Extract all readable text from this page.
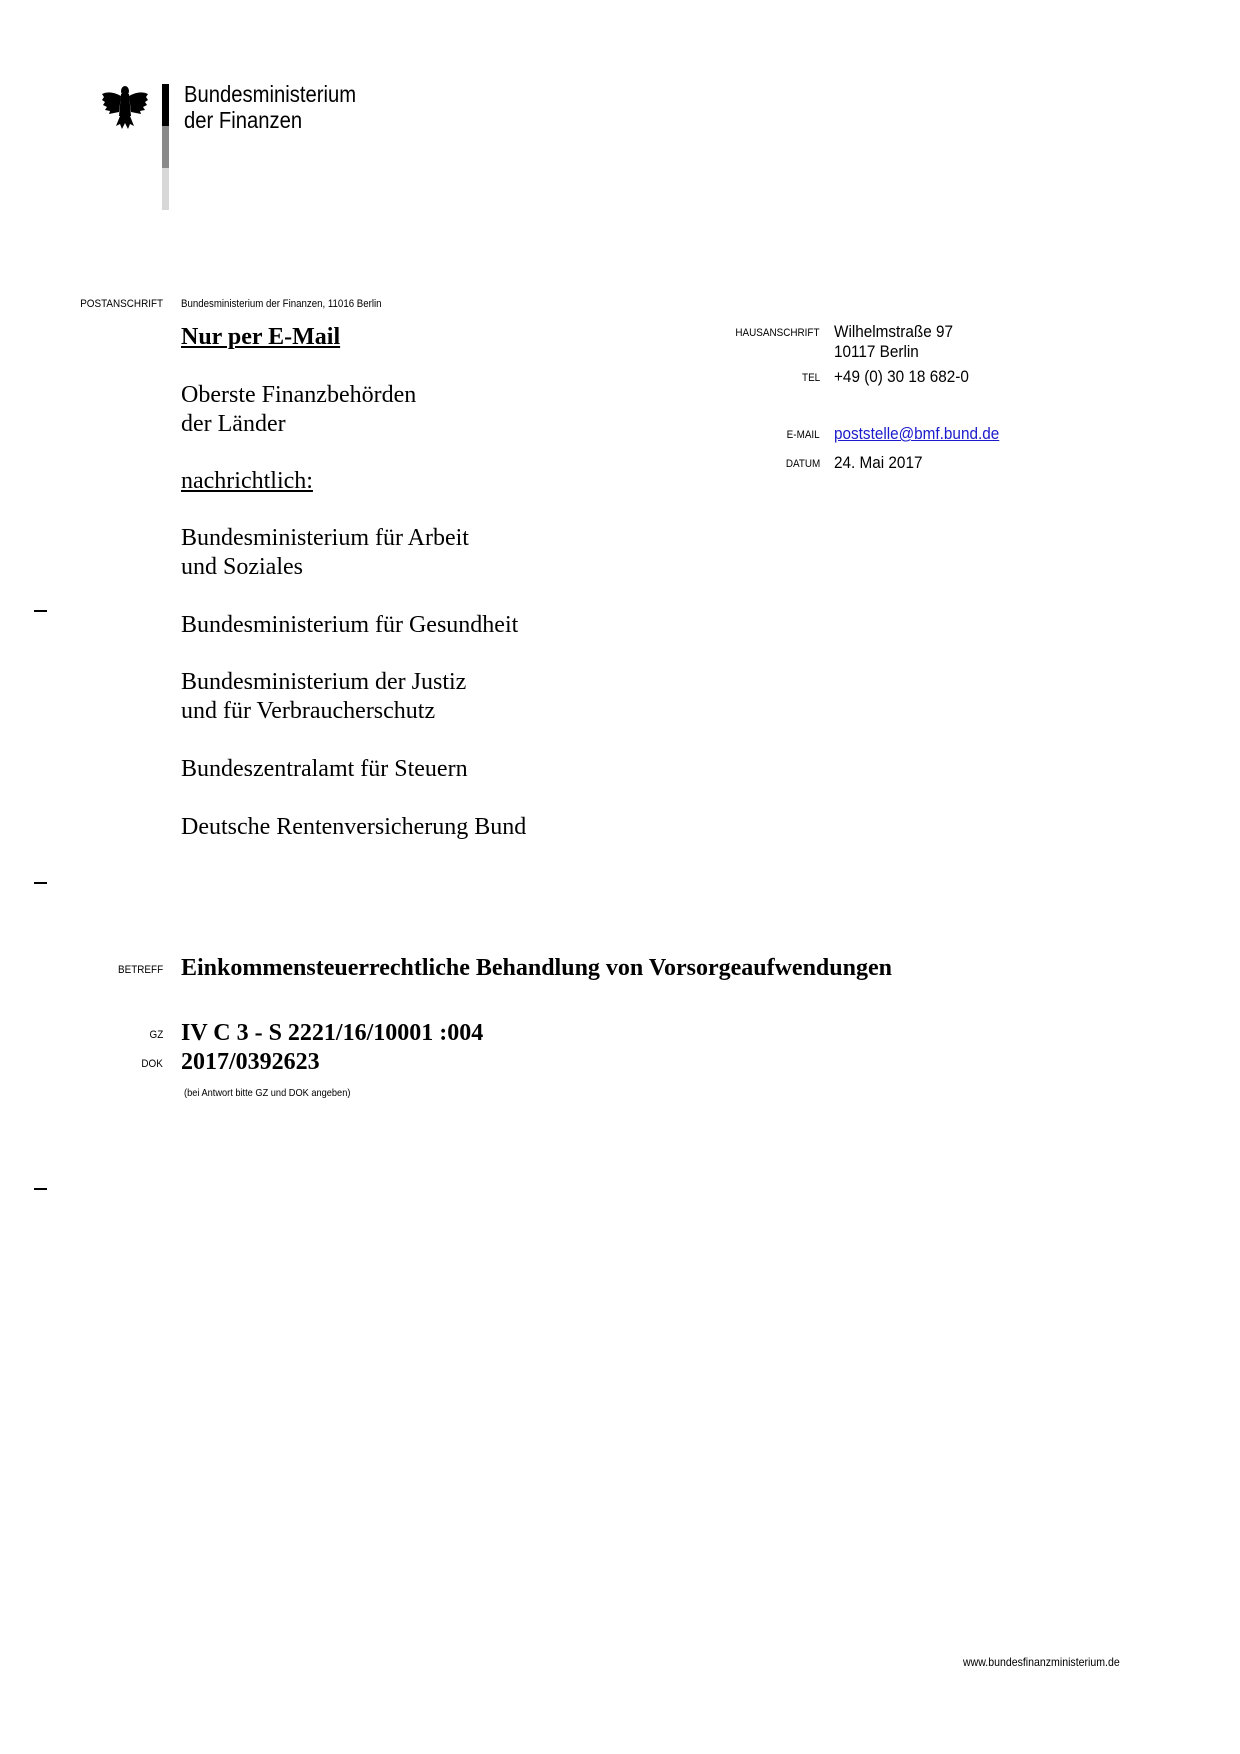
Bundesministerium
der Finanzen
POSTANSCHRIFT Bundesministerium der Finanzen, 11016 Berlin
Nur per E-Mail
Oberste Finanzbehörden
der Länder
nachrichtlich:
Bundesministerium für Arbeit
und Soziales
Bundesministerium für Gesundheit
Bundesministerium der Justiz
und für Verbraucherschutz
Bundeszentralamt für Steuern
Deutsche Rentenversicherung Bund
HAUSANSCHRIFT Wilhelmstraße 97
10117 Berlin
TEL +49 (0) 30 18 682-0
E-MAIL poststelle@bmf.bund.de
DATUM 24. Mai 2017
BETREFF Einkommensteuerrechtliche Behandlung von Vorsorgeaufwendungen
GZ IV C 3 - S 2221/16/10001 :004
DOK 2017/0392623
(bei Antwort bitte GZ und DOK angeben)
www.bundesfinanzministerium.de
